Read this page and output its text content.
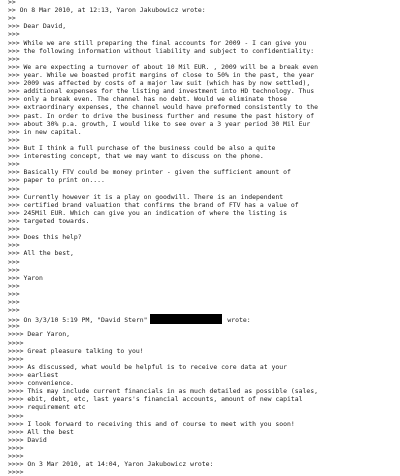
>>
>> On 8 Mar 2010, at 12:13, Yaron Jakubowicz wrote:
>>
>>> Dear David,
>>>
>>> While we are still preparing the final accounts for 2009 - I can give you
>>> the following information without liability and subject to confidentiality:
>>>
>>> We are expecting a turnover of about 10 Mil EUR. , 2009 will be a break even
>>> year. While we boasted profit margins of close to 50% in the past, the year
>>> 2009 was affected by costs of a major law suit (which has by now settled),
>>> additional expenses for the listing and investment into HD technology. Thus
>>> only a break even. The channel has no debt. Would we eliminate those
>>> extraordinary expenses, the channel would have preformed consistently to the
>>> past. In order to drive the business further and resume the past history of
>>> about 30% p.a. growth, I would like to see over a 3 year period 30 Mil Eur
>>> in new capital.
>>>
>>> But I think a full purchase of the business could be also a quite
>>> interesting concept, that we may want to discuss on the phone.
>>>
>>> Basically FTV could be money printer - given the sufficient amount of
>>> paper to print on....
>>>
>>> Currently however it is a play on goodwill. There is an independent
>>> certified brand valuation that confirms the brand of FTV has a value of
>>> 245Mil EUR. Which can give you an indication of where the listing is
>>> targeted towards.
>>>
>>> Does this help?
>>>
>>> All the best,
>>>
>>>
>>> Yaron
>>>
>>>
>>>
>>>
>>> On 3/3/10 5:19 PM, "David Stern"	wrote:
>>>
>>>> Dear Yaron,
>>>>
>>>> Great pleasure talking to you!
>>>>
>>>> As discussed, what would be helpful is to receive core data at your
>>>> earliest
>>>> convenience.
>>>> This may include current financials in as much detailed as possible (sales,
>>>> ebit, debt, etc, last years's financial accounts, amount of new capital
>>>> requirement etc
>>>>
>>>> I look forward to receiving this and of course to meet with you soon!
>>>> All the best
>>>> David
>>>>
>>>>
>>>> On 3 Mar 2010, at 14:04, Yaron Jakubowicz wrote:
>>>>
